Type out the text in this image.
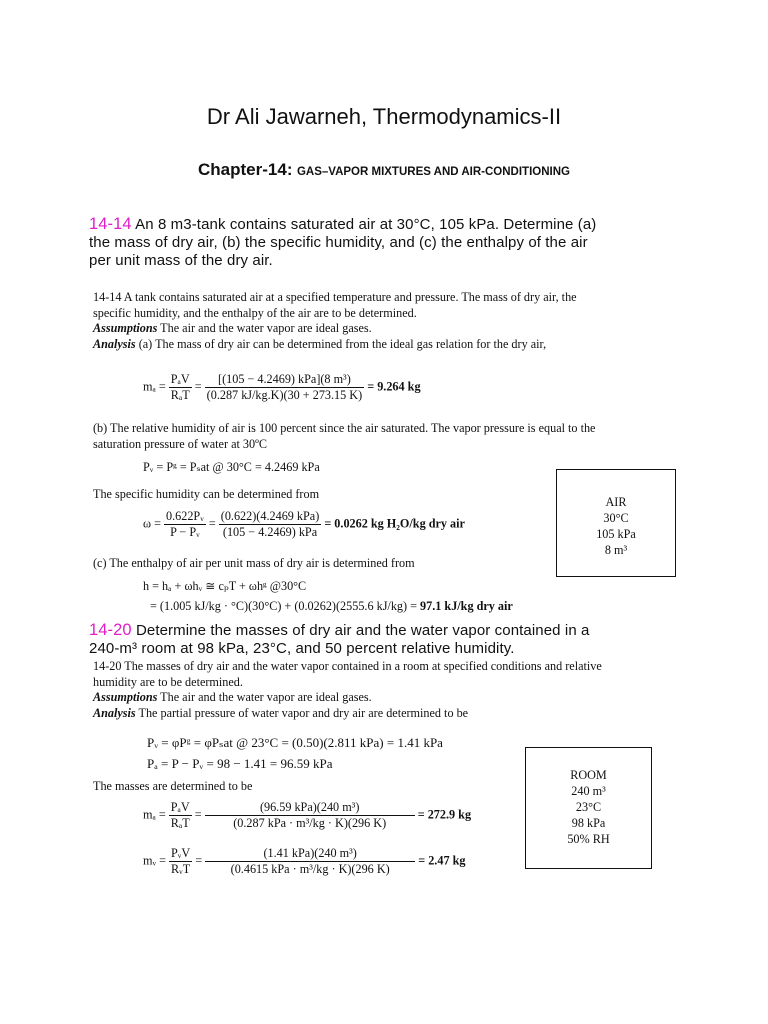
Dr Ali Jawarneh, Thermodynamics-II
Chapter-14: GAS–VAPOR MIXTURES AND AIR-CONDITIONING
14-14 An 8 m3-tank contains saturated air at 30°C, 105 kPa. Determine (a)
the mass of dry air, (b) the specific humidity, and (c) the enthalpy of the air
per unit mass of the dry air.
14-14 A tank contains saturated air at a specified temperature and pressure. The mass of dry air, the
specific humidity, and the enthalpy of the air are to be determined.
Assumptions The air and the water vapor are ideal gases.
Analysis (a) The mass of dry air can be determined from the ideal gas relation for the dry air,
$m_a = \frac{\text{PₐV}}{\text{RₐT}} = \frac{\text{[(105 − 4.2469) kPa](8 m³)}}{(0.287 kJ/kg.K)(30 + 273.15 K)} = 9.264$ kg
(b) The relative humidity of air is 100 percent since the air saturated. The vapor pressure is equal to the
saturation pressure of water at 30ºC
Pᵥ = Pᵍ = Pₛat @ 30°C = 4.2469 kPa
The specific humidity can be determined from
$\omega = \frac{\text{0.622Pᵥ}}{\text{P − Pᵥ}} = \frac{\text{(0.622)(4.2469 kPa)}}{\text{(105 − 4.2469) kPa}} = 0.0262$ kg H₂O/kg dry air
(c) The enthalpy of air per unit mass of dry air is determined from
h = hₐ + ωhᵥ ≅ cₚT + ωhᵍ @30°C
= (1.005 kJ/kg · °C)(30°C) + (0.0262)(2555.6 kJ/kg) = 97.1 kJ/kg dry air
AIR
30°C
105 kPa
8 m³
14-20 Determine the masses of dry air and the water vapor contained in a
240-m³ room at 98 kPa, 23°C, and 50 percent relative humidity.
14-20 The masses of dry air and the water vapor contained in a room at specified conditions and relative
humidity are to be determined.
Assumptions The air and the water vapor are ideal gases.
Analysis The partial pressure of water vapor and dry air are determined to be
Pᵥ = φPᵍ = φPₛat @ 23°C = (0.50)(2.811 kPa) = 1.41 kPa
Pₐ = P − Pᵥ = 98 − 1.41 = 96.59 kPa
The masses are determined to be
$m_a = \frac{\text{PₐV}}{\text{RₐT}} = \frac{\text{(96.59 kPa)(240 m³)}}{\text{(0.287 kPa · m³/kg · K)(296 K)}} = 272.9$ kg
mᵥ = $\frac{\text{PᵥV}}{\text{RᵥT}} = \frac{\text{(1.41 kPa)(240 m³)}}{\text{(0.4615 kPa · m³/kg · K)(296 K)}} = 2.47$ kg
ROOM
240 m³
23°C
98 kPa
50% RH
